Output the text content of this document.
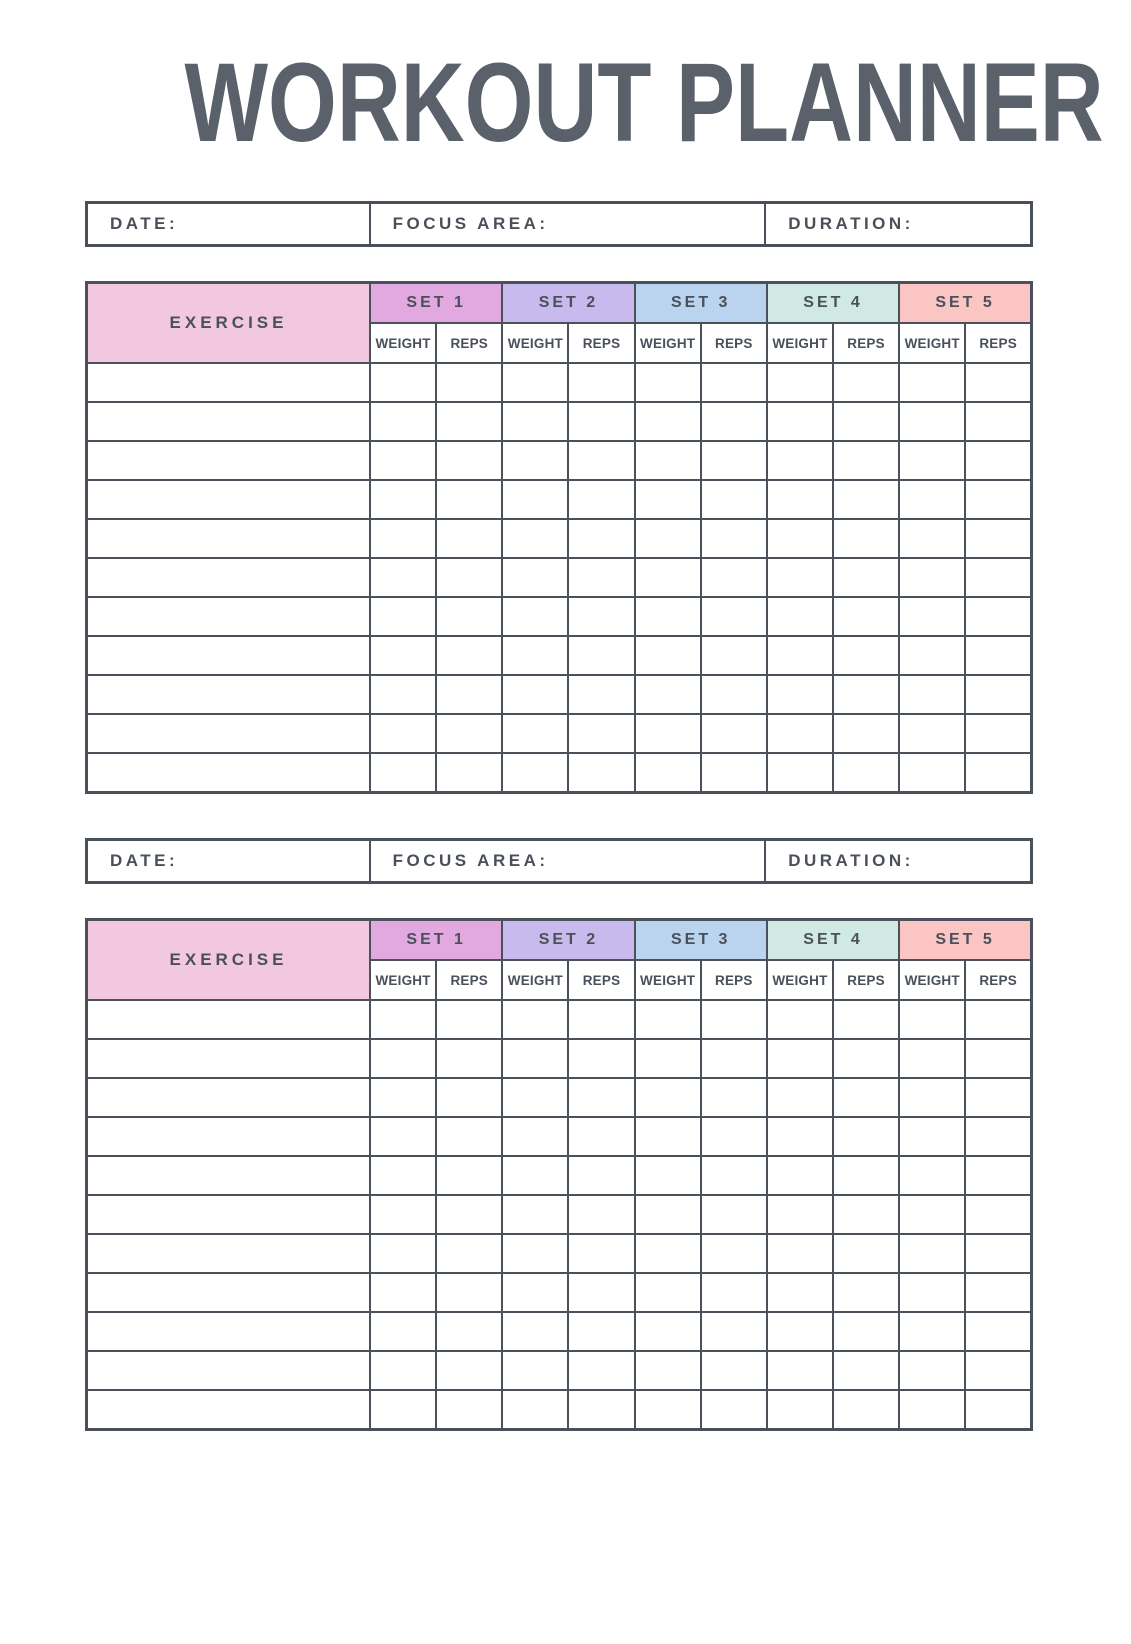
WORKOUT PLANNER
DATE:	FOCUS AREA:	DURATION:
EXERCISE	SET 1		SET 2		SET 3		SET 4		SET 5	
	WEIGHT	REPS	WEIGHT	REPS	WEIGHT	REPS	WEIGHT	REPS	WEIGHT	REPS

DATE:	FOCUS AREA:	DURATION:
EXERCISE	SET 1		SET 2		SET 3		SET 4		SET 5	
	WEIGHT	REPS	WEIGHT	REPS	WEIGHT	REPS	WEIGHT	REPS	WEIGHT	REPS
